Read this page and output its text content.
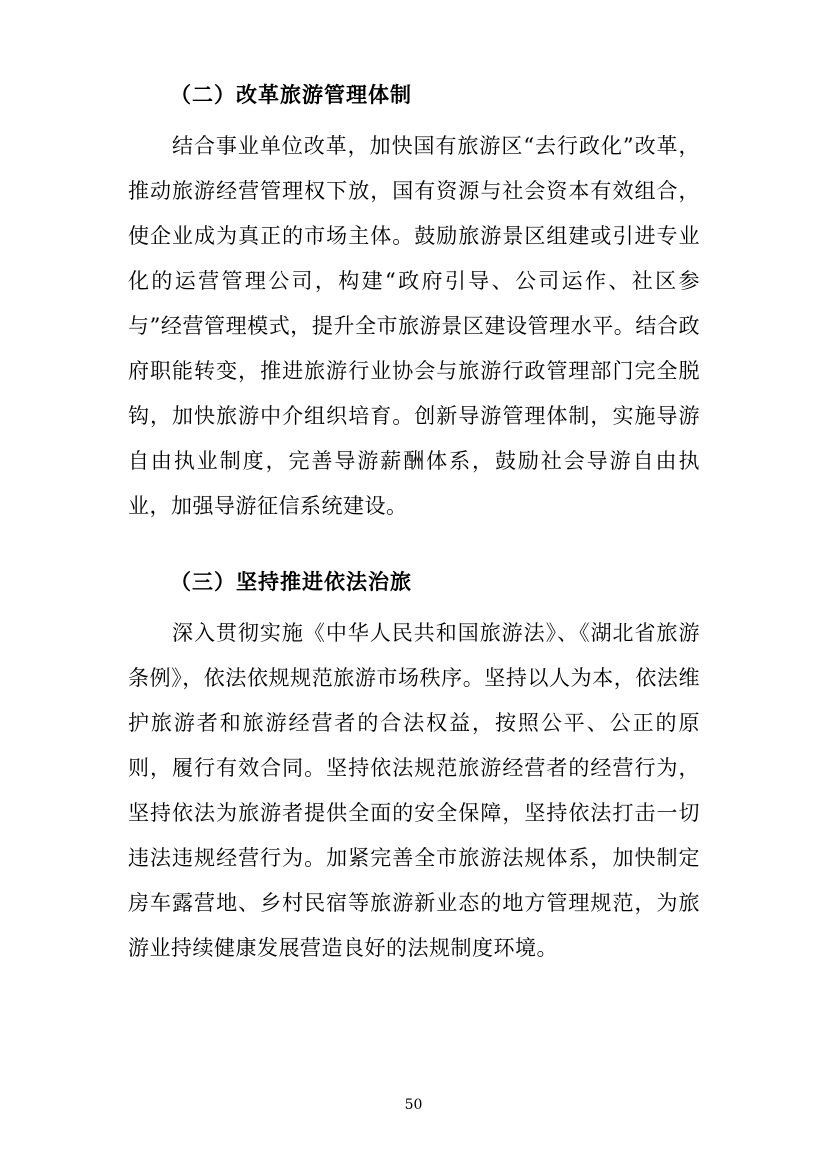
（二）改革旅游管理体制

结合事业单位改革，加快国有旅游区“去行政化”改革，推动旅游经营管理权下放，国有资源与社会资本有效组合，使企业成为真正的市场主体。鼓励旅游景区组建或引进专业化的运营管理公司，构建“政府引导、公司运作、社区参与”经营管理模式，提升全市旅游景区建设管理水平。结合政府职能转变，推进旅游行业协会与旅游行政管理部门完全脱钩，加快旅游中介组织培育。创新导游管理体制，实施导游自由执业制度，完善导游薪酬体系，鼓励社会导游自由执业，加强导游征信系统建设。

（三）坚持推进依法治旅

深入贯彻实施《中华人民共和国旅游法》、《湖北省旅游条例》，依法依规规范旅游市场秩序。坚持以人为本，依法维护旅游者和旅游经营者的合法权益，按照公平、公正的原则，履行有效合同。坚持依法规范旅游经营者的经营行为，坚持依法为旅游者提供全面的安全保障，坚持依法打击一切违法违规经营行为。加紧完善全市旅游法规体系，加快制定房车露营地、乡村民宿等旅游新业态的地方管理规范，为旅游业持续健康发展营造良好的法规制度环境。

50
